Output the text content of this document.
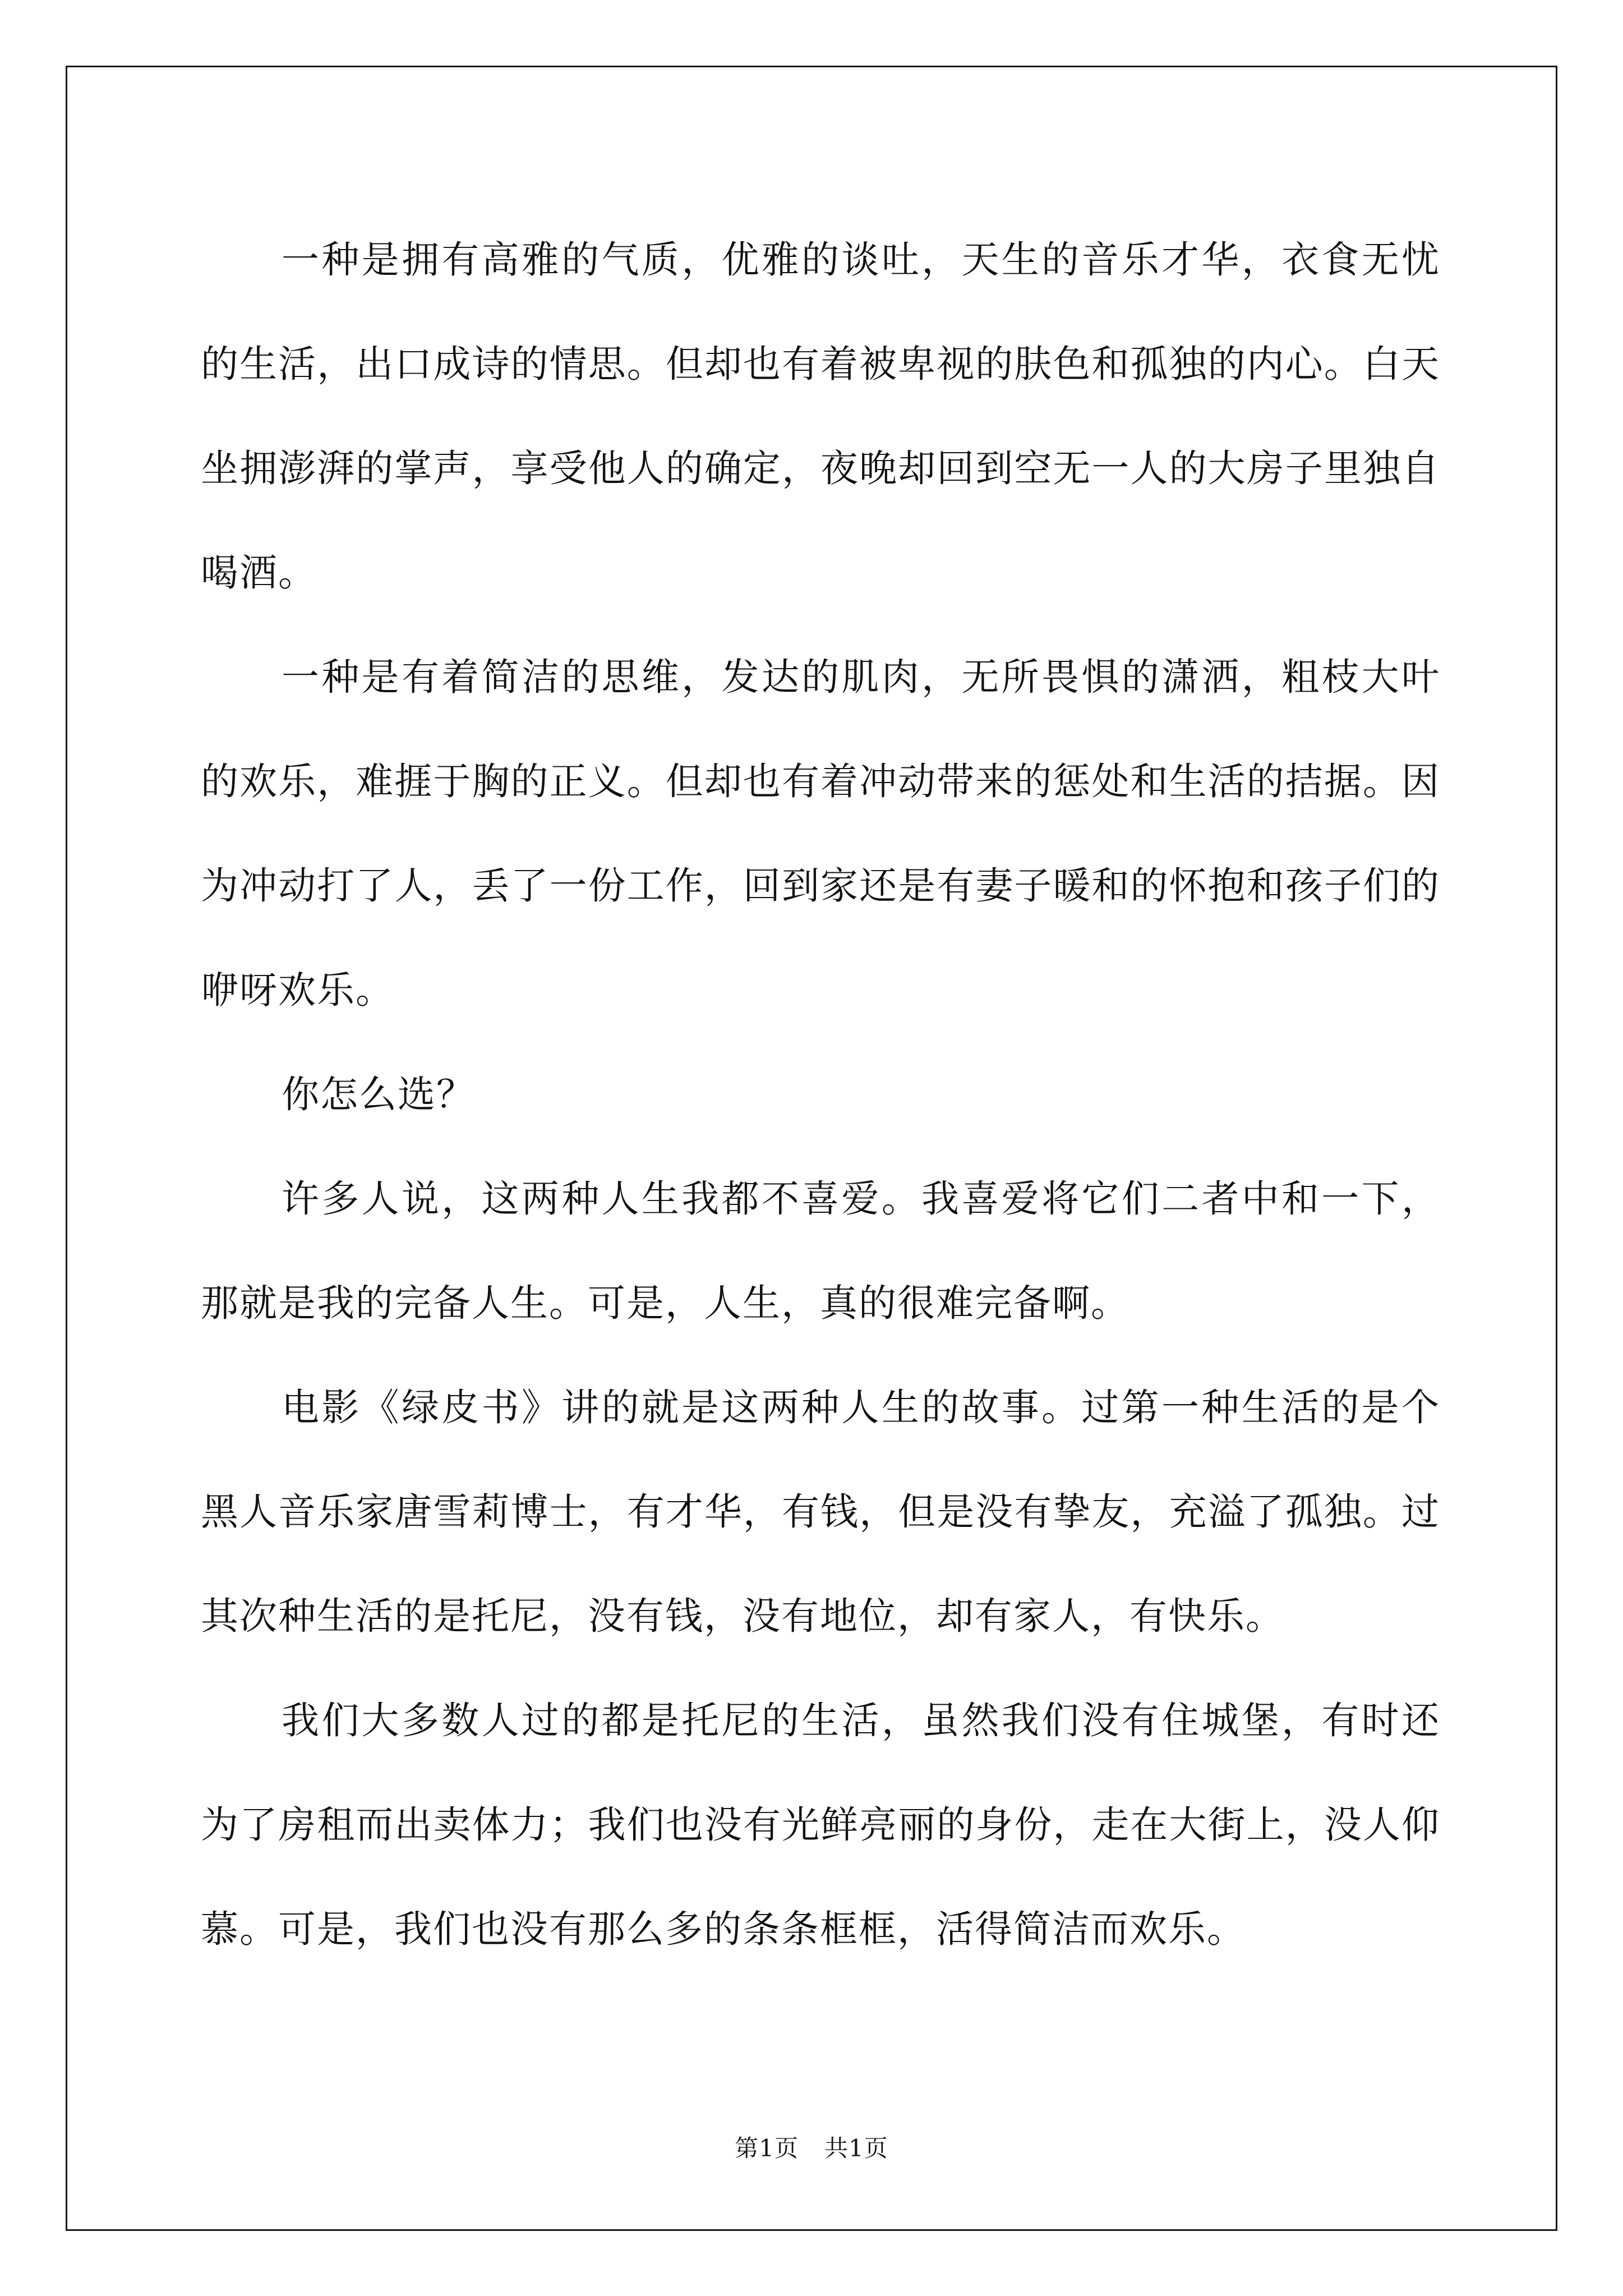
一种是拥有高雅的气质，优雅的谈吐，天生的音乐才华，衣食无忧的生活，出口成诗的情思。但却也有着被卑视的肤色和孤独的内心。白天坐拥澎湃的掌声，享受他人的确定，夜晚却回到空无一人的大房子里独自喝酒。

一种是有着简洁的思维，发达的肌肉，无所畏惧的潇洒，粗枝大叶的欢乐，难捱于胸的正义。但却也有着冲动带来的惩处和生活的拮据。因为冲动打了人，丢了一份工作，回到家还是有妻子暖和的怀抱和孩子们的咿呀欢乐。

你怎么选？

许多人说，这两种人生我都不喜爱。我喜爱将它们二者中和一下，那就是我的完备人生。可是，人生，真的很难完备啊。

电影《绿皮书》讲的就是这两种人生的故事。过第一种生活的是个黑人音乐家唐雪莉博士，有才华，有钱，但是没有挚友，充溢了孤独。过其次种生活的是托尼，没有钱，没有地位，却有家人，有快乐。

我们大多数人过的都是托尼的生活，虽然我们没有住城堡，有时还为了房租而出卖体力；我们也没有光鲜亮丽的身份，走在大街上，没人仰慕。可是，我们也没有那么多的条条框框，活得简洁而欢乐。

第1页 共1页
